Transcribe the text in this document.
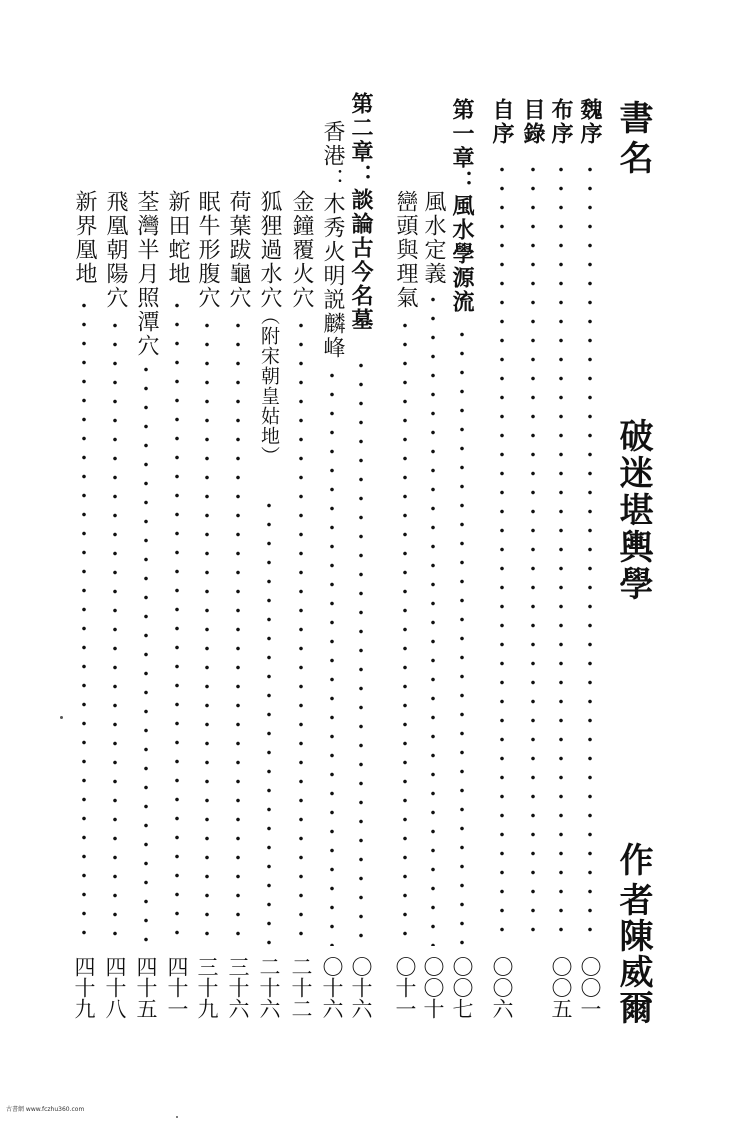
書名
破迷堪輿學
作者
陳威爾
魏序
〇〇一
布序
〇〇五
目錄
自序
〇〇六
第一章：風水學源流
〇〇七
風水定義
〇〇十
巒頭與理氣
〇十一
第二章：談論古今名墓
〇十六
香港：木秀火明説麟峰
〇十六
金鐘覆火穴
二十二
狐狸過水穴
（附宋朝皇姑地）
二十六
荷葉跋龜穴
三十六
眠牛形腹穴
三十九
新田蛇地
四十一
荃灣半月照潭穴
四十五
飛凰朝陽穴
四十八
新界凰地
四十九
古書網 www.fczhu360.com
